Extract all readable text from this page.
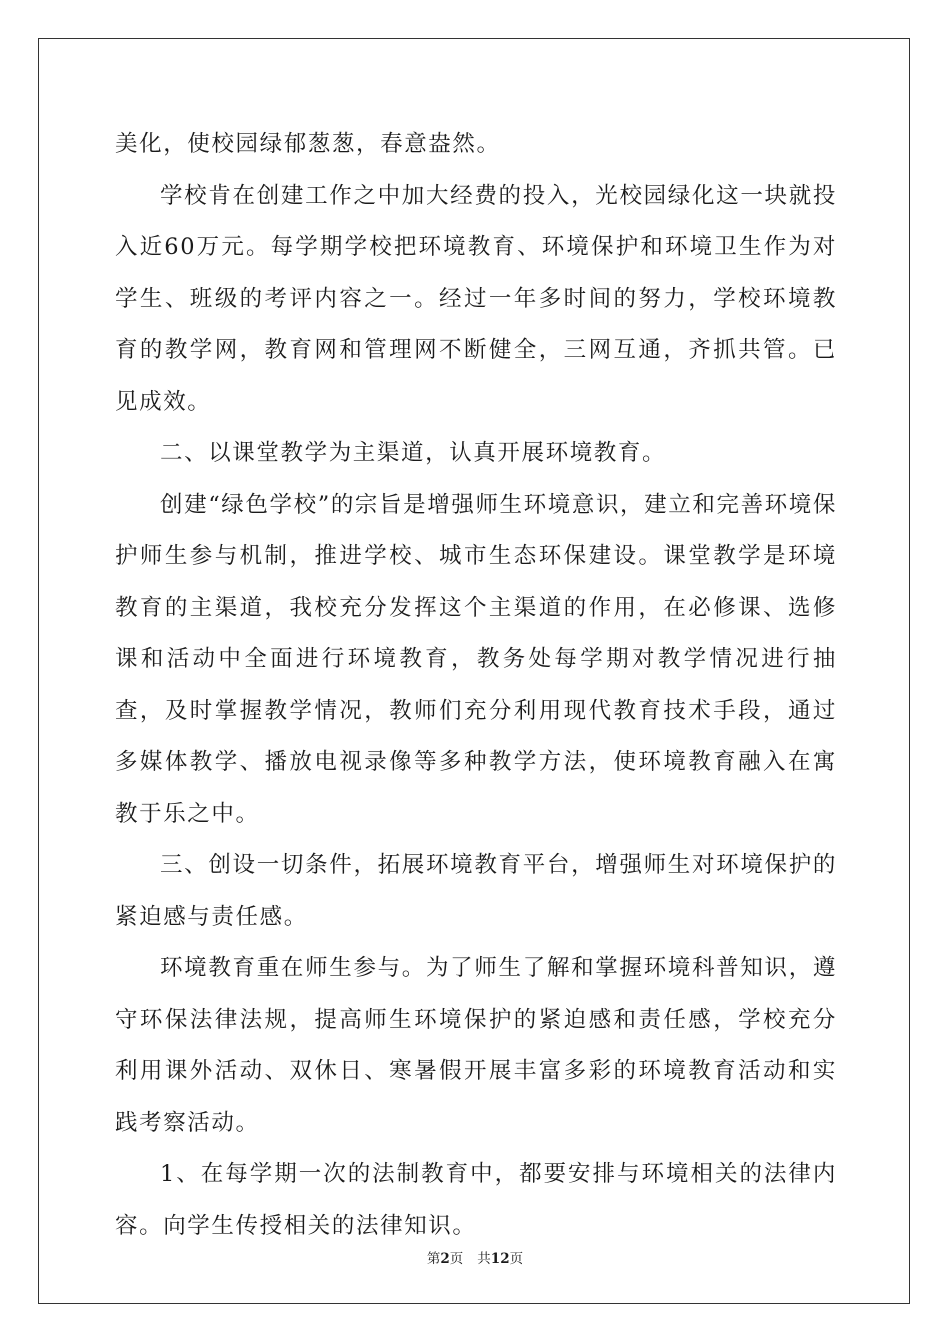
美化，使校园绿郁葱葱，春意盎然。

学校肯在创建工作之中加大经费的投入，光校园绿化这一块就投入近60万元。每学期学校把环境教育、环境保护和环境卫生作为对学生、班级的考评内容之一。经过一年多时间的努力，学校环境教育的教学网，教育网和管理网不断健全，三网互通，齐抓共管。已见成效。

二、以课堂教学为主渠道，认真开展环境教育。

创建“绿色学校”的宗旨是增强师生环境意识，建立和完善环境保护师生参与机制，推进学校、城市生态环保建设。课堂教学是环境教育的主渠道，我校充分发挥这个主渠道的作用，在必修课、选修课和活动中全面进行环境教育，教务处每学期对教学情况进行抽查，及时掌握教学情况，教师们充分利用现代教育技术手段，通过多媒体教学、播放电视录像等多种教学方法，使环境教育融入在寓教于乐之中。

三、创设一切条件，拓展环境教育平台，增强师生对环境保护的紧迫感与责任感。

环境教育重在师生参与。为了师生了解和掌握环境科普知识，遵守环保法律法规，提高师生环境保护的紧迫感和责任感，学校充分利用课外活动、双休日、寒暑假开展丰富多彩的环境教育活动和实践考察活动。

1、在每学期一次的法制教育中，都要安排与环境相关的法律内容。向学生传授相关的法律知识。

第2页 共12页
